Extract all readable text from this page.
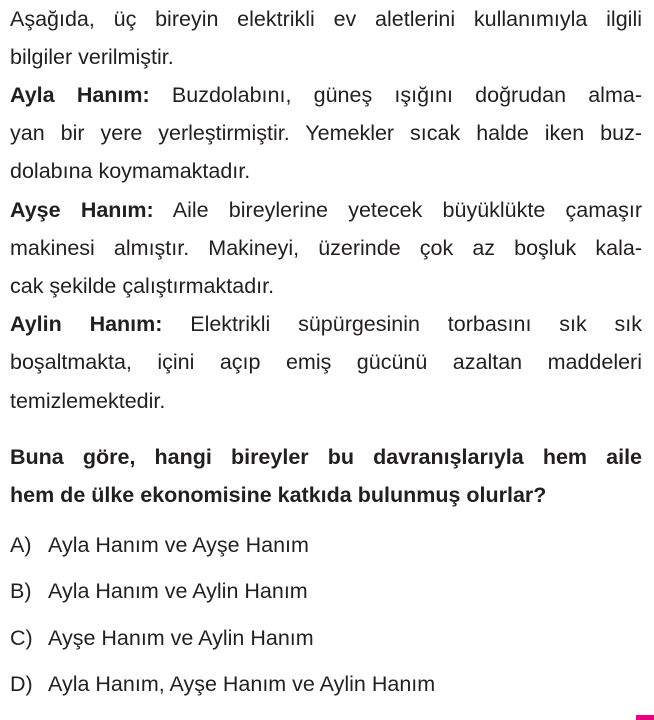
Aşağıda, üç bireyin elektrikli ev aletlerini kullanımıyla ilgili
bilgiler verilmiştir.

Ayla Hanım: Buzdolabını, güneş ışığını doğrudan alma-
yan bir yere yerleştirmiştir. Yemekler sıcak halde iken buz-
dolabına koymamaktadır.

Ayşe Hanım: Aile bireylerine yetecek büyüklükte çamaşır
makinesi almıştır. Makineyi, üzerinde çok az boşluk kala-
cak şekilde çalıştırmaktadır.

Aylin Hanım: Elektrikli süpürgesinin torbasını sık sık
boşaltmakta, içini açıp emiş gücünü azaltan maddeleri
temizlemektedir.

Buna göre, hangi bireyler bu davranışlarıyla hem aile
hem de ülke ekonomisine katkıda bulunmuş olurlar?
A) Ayla Hanım ve Ayşe Hanım
B) Ayla Hanım ve Aylin Hanım
C) Ayşe Hanım ve Aylin Hanım
D) Ayla Hanım, Ayşe Hanım ve Aylin Hanım
